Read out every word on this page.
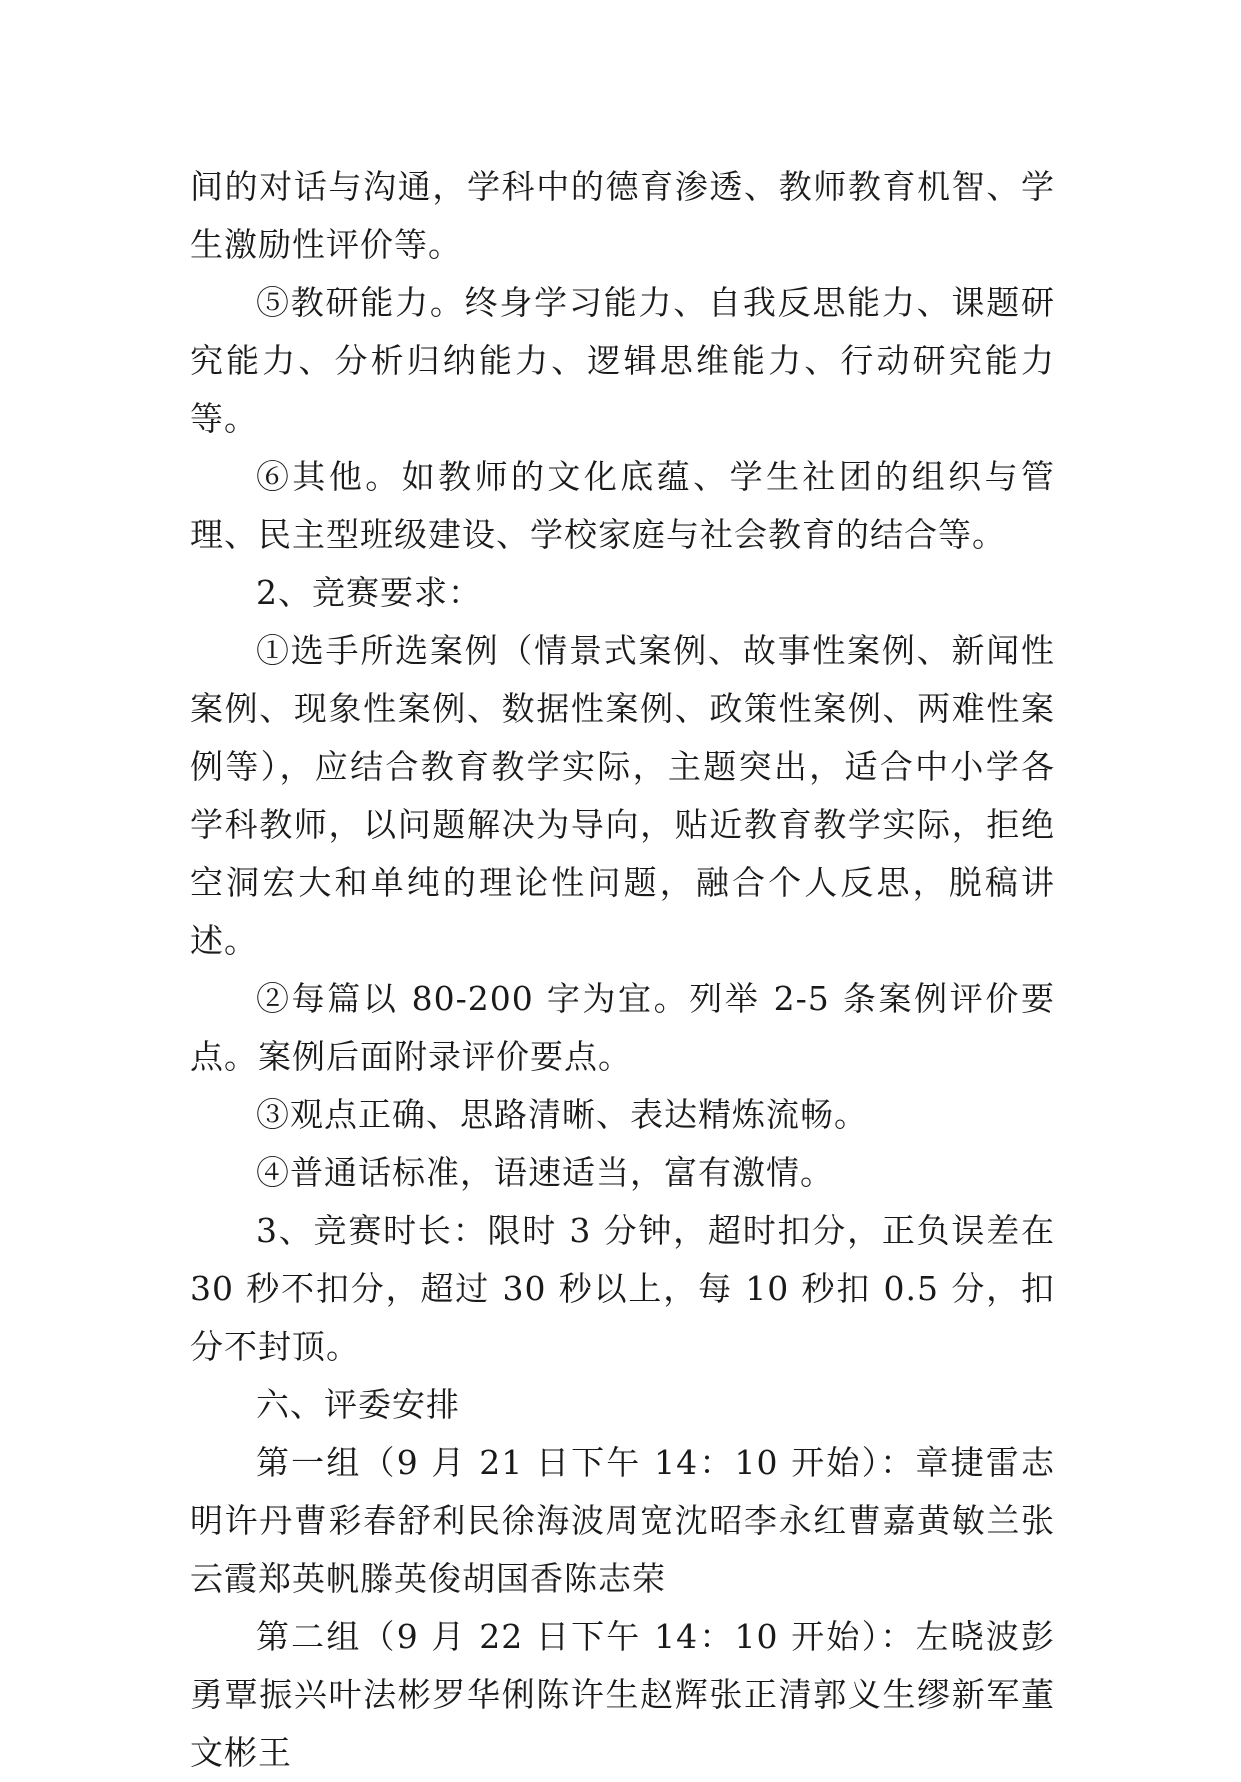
间的对话与沟通，学科中的德育渗透、教师教育机智、学生激励性评价等。

⑤教研能力。终身学习能力、自我反思能力、课题研究能力、分析归纳能力、逻辑思维能力、行动研究能力等。

⑥其他。如教师的文化底蕴、学生社团的组织与管理、民主型班级建设、学校家庭与社会教育的结合等。

2、竞赛要求：

①选手所选案例（情景式案例、故事性案例、新闻性案例、现象性案例、数据性案例、政策性案例、两难性案例等），应结合教育教学实际，主题突出，适合中小学各学科教师，以问题解决为导向，贴近教育教学实际，拒绝空洞宏大和单纯的理论性问题，融合个人反思，脱稿讲述。

②每篇以 80-200 字为宜。列举 2-5 条案例评价要点。案例后面附录评价要点。

③观点正确、思路清晰、表达精炼流畅。

④普通话标准，语速适当，富有激情。

3、竞赛时长：限时 3 分钟，超时扣分，正负误差在 30 秒不扣分，超过 30 秒以上，每 10 秒扣 0.5 分，扣分不封顶。

六、评委安排

第一组（9 月 21 日下午 14：10 开始）：章捷雷志明许丹曹彩春舒利民徐海波周宽沈昭李永红曹嘉黄敏兰张云霞郑英帆滕英俊胡国香陈志荣

第二组（9 月 22 日下午 14：10 开始）：左晓波彭勇覃振兴叶法彬罗华俐陈许生赵辉张正清郭义生缪新军董文彬王
